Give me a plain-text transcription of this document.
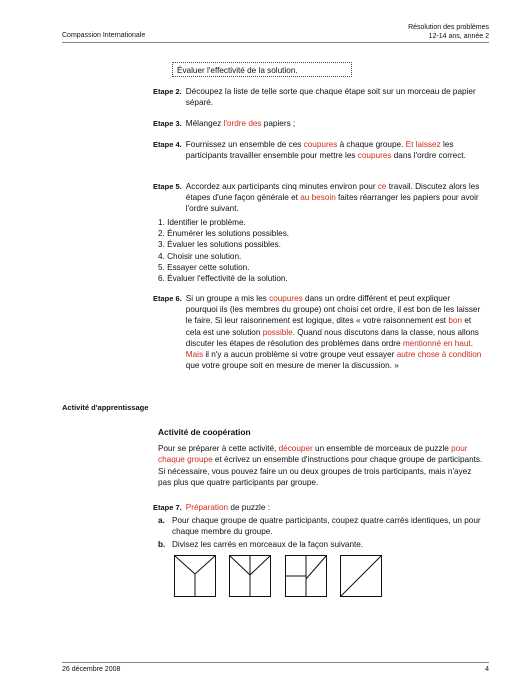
Compassion Internationale
Résolution des problèmes
12-14 ans, année 2
Évaluer l'effectivité de la solution.
Etape 2. Découpez la liste de telle sorte que chaque étape soit sur un morceau de papier séparé.
Etape 3. Mélangez l'ordre des papiers ;
Etape 4. Fournissez un ensemble de ces coupures à chaque groupe. Et laissez les participants travailler ensemble pour mettre les coupures dans l'ordre correct.
Etape 5. Accordez aux participants cinq minutes environ pour ce travail. Discutez alors les étapes d'une façon générale et au besoin faites réarranger les papiers pour avoir l'ordre suivant.
1. Identifier le problème.
2. Énumérer les solutions possibles.
3. Évaluer les solutions possibles.
4. Choisir une solution.
5. Essayer cette solution.
6. Évaluer l'effectivité de la solution.
Etape 6. Si un groupe a mis les coupures dans un ordre différent et peut expliquer pourquoi ils (les membres du groupe) ont choisi cet ordre, il est bon de les laisser le faire. Si leur raisonnement est logique, dites « votre raisonnement est bon et cela est une solution possible. Quand nous discutons dans la classe, nous allons discuter les étapes de résolution des problèmes dans ordre mentionné en haut. Mais il n'y a aucun problème si votre groupe veut essayer autre chose à condition que votre groupe soit en mesure de mener la discussion. »
Activité d'apprentissage
Activité de coopération
Pour se préparer à cette activité, découper un ensemble de morceaux de puzzle pour chaque groupe et écrivez un ensemble d'instructions pour chaque groupe de participants. Si nécessaire, vous pouvez faire un ou deux groupes de trois participants, mais n'ayez pas plus que quatre participants par groupe.
Etape 7. Préparation de puzzle :
a. Pour chaque groupe de quatre participants, coupez quatre carrés identiques, un pour chaque membre du groupe.
b. Divisez les carrés en morceaux de la façon suivante.
26 décembre 2008	4
